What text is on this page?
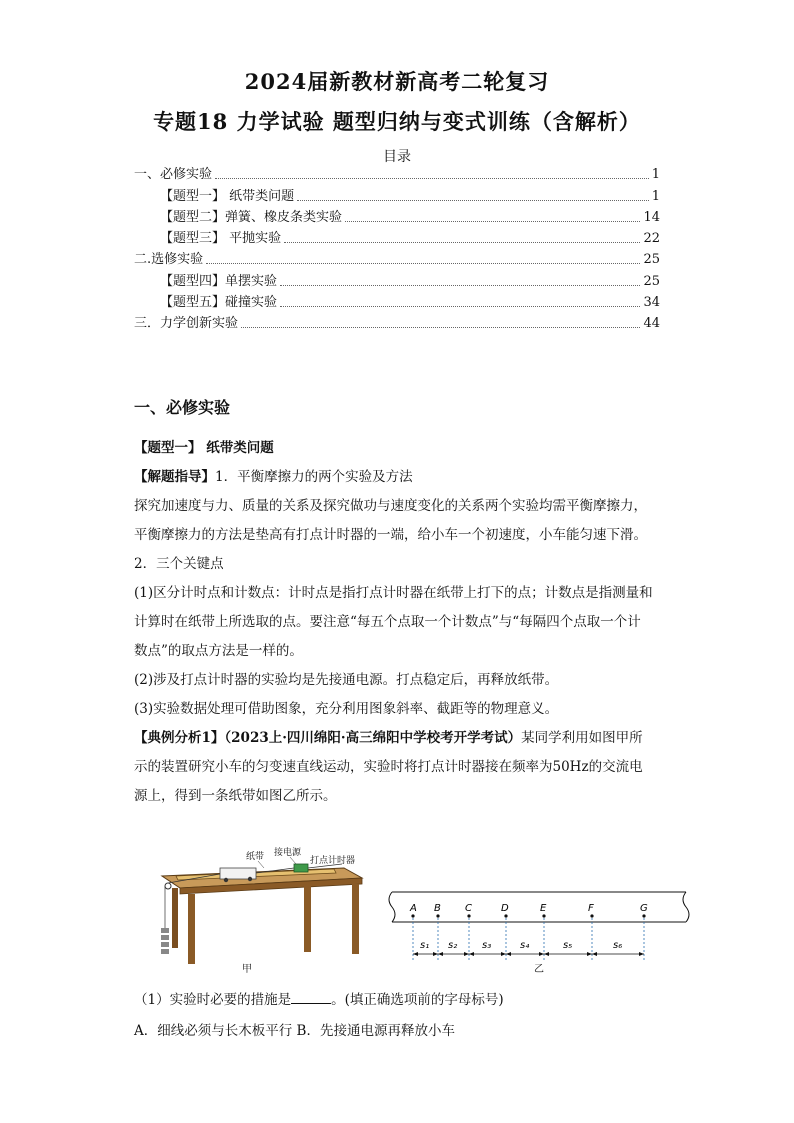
2024届新教材新高考二轮复习
专题18 力学试验 题型归纳与变式训练（含解析）
目录
一、必修实验	1
【题型一】 纸带类问题	1
【题型二】弹簧、橡皮条类实验	14
【题型三】 平抛实验	22
二.选修实验	25
【题型四】单摆实验	25
【题型五】碰撞实验	34
三．力学创新实验	44
一、必修实验

【题型一】 纸带类问题

【解题指导】1．平衡摩擦力的两个实验及方法

探究加速度与力、质量的关系及探究做功与速度变化的关系两个实验均需平衡摩擦力，

平衡摩擦力的方法是垫高有打点计时器的一端，给小车一个初速度，小车能匀速下滑。

2．三个关键点

(1)区分计时点和计数点：计时点是指打点计时器在纸带上打下的点；计数点是指测量和

计算时在纸带上所选取的点。要注意“每五个点取一个计数点”与“每隔四个点取一个计

数点”的取点方法是一样的。

(2)涉及打点计时器的实验均是先接通电源。打点稳定后，再释放纸带。

(3)实验数据处理可借助图象，充分利用图象斜率、截距等的物理意义。

【典例分析1】（2023上·四川绵阳·高三绵阳中学校考开学考试）某同学利用如图甲所

示的装置研究小车的匀变速直线运动，实验时将打点计时器接在频率为50Hz的交流电

源上，得到一条纸带如图乙所示。

纸带 接电源
打点计时器
甲
A B C	D	E	F	G
s₁ s₂ s₃	s₄	s₅	s₆
乙

（1）实验时必要的措施是	。(填正确选项前的字母标号)

A．细线必须与长木板平行 B．先接通电源再释放小车
